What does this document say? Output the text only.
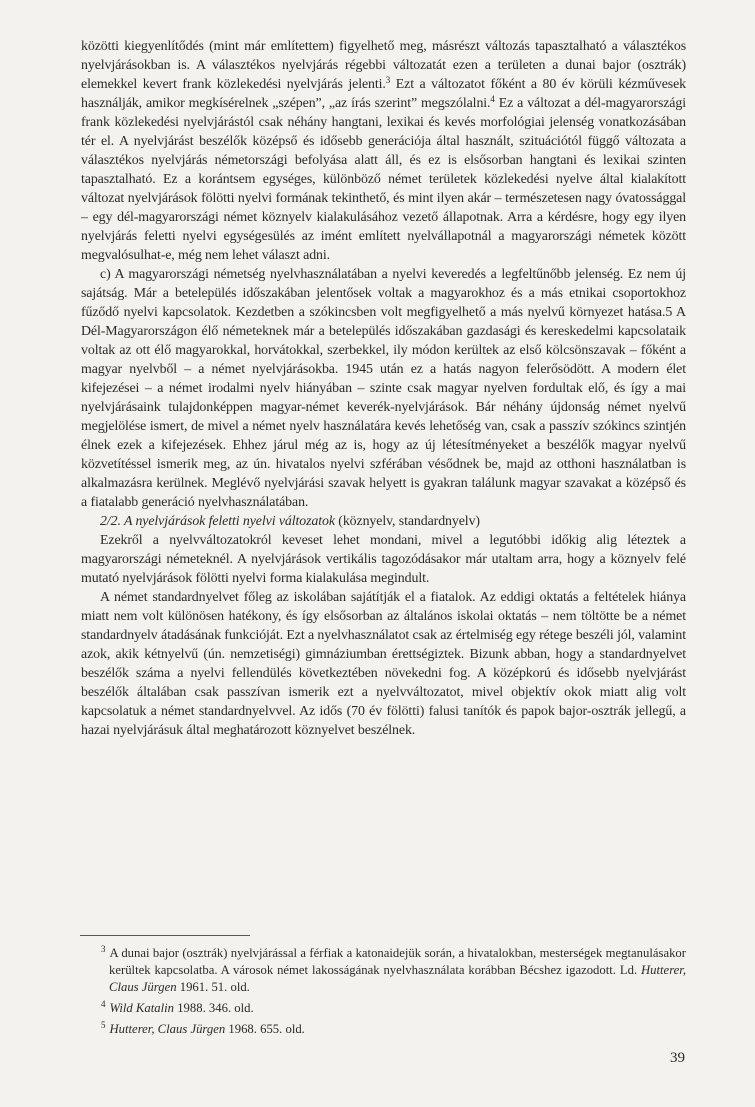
közötti kiegyenlítődés (mint már említettem) figyelhető meg, másrészt változás tapasztalható a választékos nyelvjárásokban is. A választékos nyelvjárás régebbi változatát ezen a területen a dunai bajor (osztrák) elemekkel kevert frank közlekedési nyelvjárás jelenti.$^3$ Ezt a változatot főként a 80 év körüli kézművesek használják, amikor megkísérelnek „szépen”, „az írás szerint” megszólalni.$^4$ Ez a változat a dél-magyarországi frank közlekedési nyelvjárástól csak néhány hangtani, lexikai és kevés morfológiai jelenség vonatkozásában tér el. A nyelvjárást beszélők középső és idősebb generációja által használt, szituációtól függő változata a választékos nyelvjárás németországi befolyása alatt áll, és ez is elsősorban hangtani és lexikai szinten tapasztalható. Ez a korántsem egységes, különböző német területek közlekedési nyelve által kialakított változat nyelvjárások fölötti nyelvi formának tekinthető, és mint ilyen akár – természetesen nagy óvatossággal – egy dél-magyarországi német köznyelv kialakulásához vezető állapotnak. Arra a kérdésre, hogy egy ilyen nyelvjárás feletti nyelvi egységesülés az imént említett nyelvállapotnál a magyarországi németek között megvalósulhat-e, még nem lehet választ adni.

c) A magyarországi németség nyelvhasználatában a nyelvi keveredés a legfeltűnőbb jelenség. Ez nem új sajátság. Már a betelepülés időszakában jelentősek voltak a magyarokhoz és a más etnikai csoportokhoz fűződő nyelvi kapcsolatok. Kezdetben a szókincsben volt megfigyelhető a más nyelvű környezet hatása.5 A Dél-Magyarországon élő németeknek már a betelepülés időszakában gazdasági és kereskedelmi kapcsolataik voltak az ott élő magyarokkal, horvátokkal, szerbekkel, ily módon kerültek az első kölcsönszavak – főként a magyar nyelvből – a német nyelvjárásokba. 1945 után ez a hatás nagyon felerősödött. A modern élet kifejezései – a német irodalmi nyelv hiányában – szinte csak magyar nyelven fordultak elő, és így a mai nyelvjárásaink tulajdonképpen magyar-német keverék-nyelvjárások. Bár néhány újdonság német nyelvű megjelölése ismert, de mivel a német nyelv használatára kevés lehetőség van, csak a passzív szókincs szintjén élnek ezek a kifejezések. Ehhez járul még az is, hogy az új létesítményeket a beszélők magyar nyelvű közvetítéssel ismerik meg, az ún. hivatalos nyelvi szférában vésődnek be, majd az otthoni használatban is alkalmazásra kerülnek. Meglévő nyelvjárási szavak helyett is gyakran találunk magyar szavakat a középső és a fiatalabb generáció nyelvhasználatában.

2/2. A nyelvjárások feletti nyelvi változatok (köznyelv, standardnyelv)

Ezekről a nyelvváltozatokról keveset lehet mondani, mivel a legutóbbi időkig alig léteztek a magyarországi németeknél. A nyelvjárások vertikális tagozódásakor már utaltam arra, hogy a köznyelv felé mutató nyelvjárások fölötti nyelvi forma kialakulása megindult.

A német standardnyelvet főleg az iskolában sajátítják el a fiatalok. Az eddigi oktatás a feltételek hiánya miatt nem volt különösen hatékony, és így elsősorban az általános iskolai oktatás – nem töltötte be a német standardnyelv átadásának funkcióját. Ezt a nyelvhasználatot csak az értelmiség egy rétege beszéli jól, valamint azok, akik kétnyelvű (ún. nemzetiségi) gimnáziumban érettségiztek. Bizunk abban, hogy a standardnyelvet beszélők száma a nyelvi fellendülés következtében növekedni fog. A középkorú és idősebb nyelvjárást beszélők általában csak passzívan ismerik ezt a nyelvváltozatot, mivel objektív okok miatt alig volt kapcsolatuk a német standardnyelvvel. Az idős (70 év fölötti) falusi tanítók és papok bajor-osztrák jellegű, a hazai nyelvjárásuk által meghatározott köznyelvet beszélnek.

$^3$ A dunai bajor (osztrák) nyelvjárással a férfiak a katonaidejük során, a hivatalokban, mesterségek megtanulásakor kerültek kapcsolatba. A városok német lakosságának nyelvhasználata korábban Bécshez igazodott. Ld. Hutterer, Claus Jürgen 1961. 51. old.

$^4$ Wild Katalin 1988. 346. old.

$^5$ Hutterer, Claus Jürgen 1968. 655. old.

39
